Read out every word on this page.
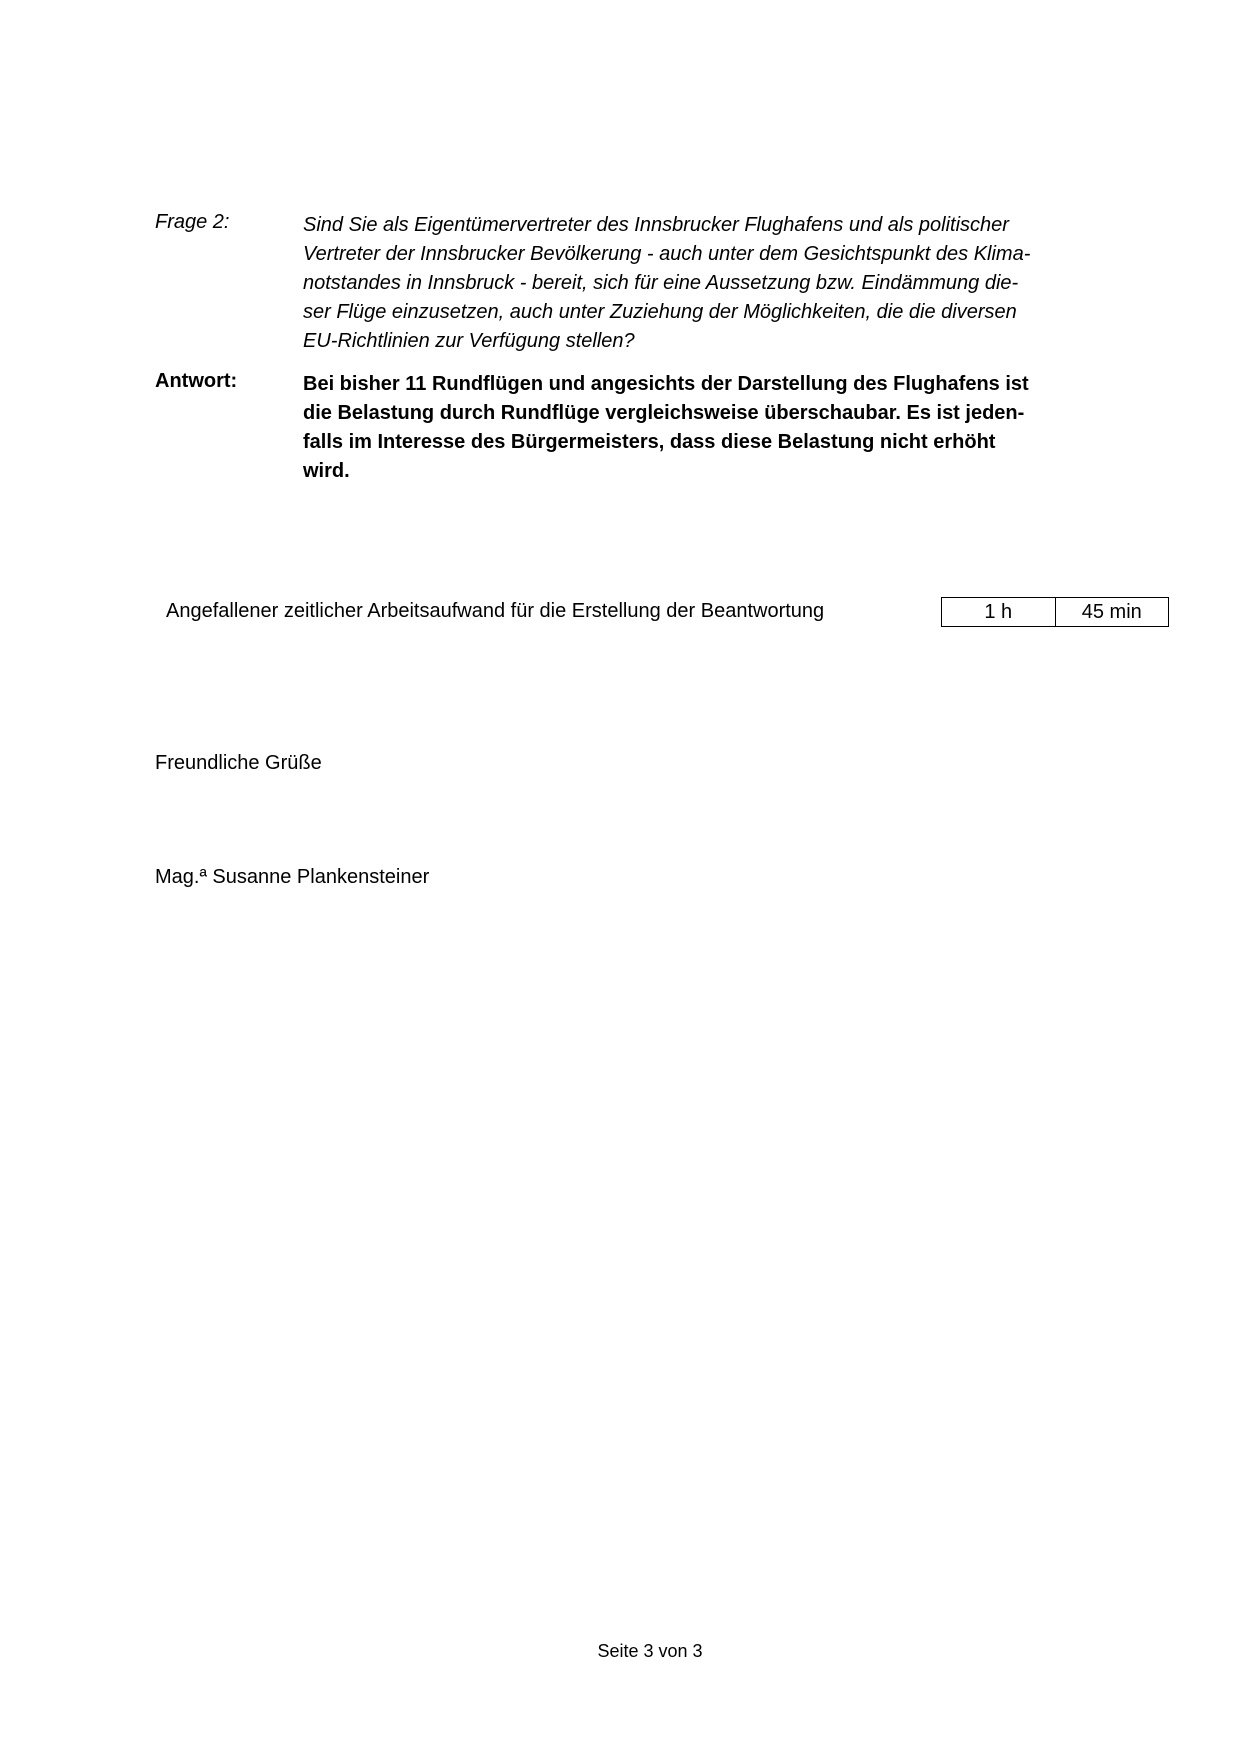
Frage 2:	Sind Sie als Eigentümervertreter des Innsbrucker Flughafens und als politischer
Vertreter der Innsbrucker Bevölkerung - auch unter dem Gesichtspunkt des Klima-
notstandes in Innsbruck - bereit, sich für eine Aussetzung bzw. Eindämmung die-
ser Flüge einzusetzen, auch unter Zuziehung der Möglichkeiten, die die diversen
EU-Richtlinien zur Verfügung stellen?
Antwort:	Bei bisher 11 Rundflügen und angesichts der Darstellung des Flughafens ist
die Belastung durch Rundflüge vergleichsweise überschaubar. Es ist jeden-
falls im Interesse des Bürgermeisters, dass diese Belastung nicht erhöht
wird.
Angefallener zeitlicher Arbeitsaufwand für die Erstellung der Beantwortung	1 h	45 min
Freundliche Grüße
Mag.ª Susanne Plankensteiner
Seite 3 von 3
